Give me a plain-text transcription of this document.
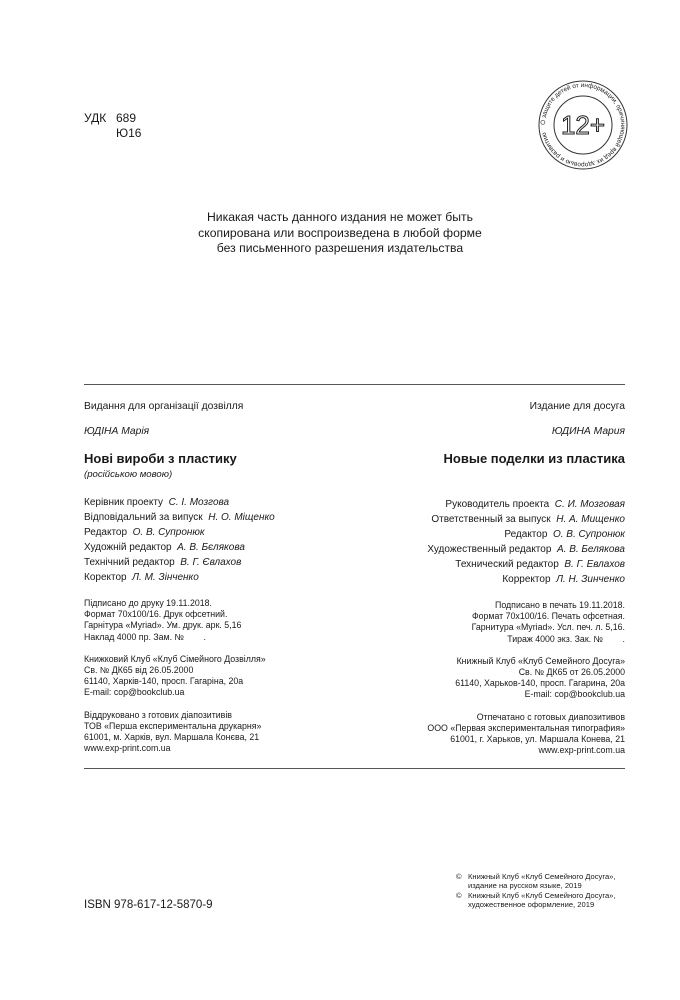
УДК 689
Ю16
О защите детей от информации, причиняющей вред их здоровью и развитию 12+
Никакая часть данного издания не может быть
скопирована или воспроизведена в любой форме
без письменного разрешения издательства
Видання для організації дозвілля
ЮДІНА Марія
Нові вироби з пластику
(російською мовою)
Керівник проекту С. І. Мозгова
Відповідальний за випуск Н. О. Міщенко
Редактор О. В. Супронюк
Художній редактор А. В. Бєлякова
Технічний редактор В. Г. Євлахов
Коректор Л. М. Зінченко
Підписано до друку 19.11.2018.
Формат 70х100/16. Друк офсетний.
Гарнітура «Myriad». Ум. друк. арк. 5,16
Наклад 4000 пр. Зам. №        .
Книжковий Клуб «Клуб Сімейного Дозвілля»
Св. № ДК65 від 26.05.2000
61140, Харків-140, просп. Гагаріна, 20а
E-mail: cop@bookclub.ua
Віддруковано з готових діапозитивів
ТОВ «Перша експериментальна друкарня»
61001, м. Харків, вул. Маршала Конєва, 21
www.exp-print.com.ua
Издание для досуга
ЮДИНА Мария
Новые поделки из пластика
Руководитель проекта С. И. Мозговая
Ответственный за выпуск Н. А. Мищенко
Редактор О. В. Супронюк
Художественный редактор А. В. Белякова
Технический редактор В. Г. Евлахов
Корректор Л. Н. Зинченко
Подписано в печать 19.11.2018.
Формат 70х100/16. Печать офсетная.
Гарнитура «Myriad». Усл. печ. л. 5,16.
Тираж 4000 экз. Зак. №        .
Книжный Клуб «Клуб Семейного Досуга»
Св. № ДК65 от 26.05.2000
61140, Харьков-140, просп. Гагарина, 20а
E-mail: cop@bookclub.ua
Отпечатано с готовых диапозитивов
ООО «Первая экспериментальная типография»
61001, г. Харьков, ул. Маршала Конева, 21
www.exp-print.com.ua
ISBN 978-617-12-5870-9
© Книжный Клуб «Клуб Семейного Досуга»,
издание на русском языке, 2019
© Книжный Клуб «Клуб Семейного Досуга»,
художественное оформление, 2019
